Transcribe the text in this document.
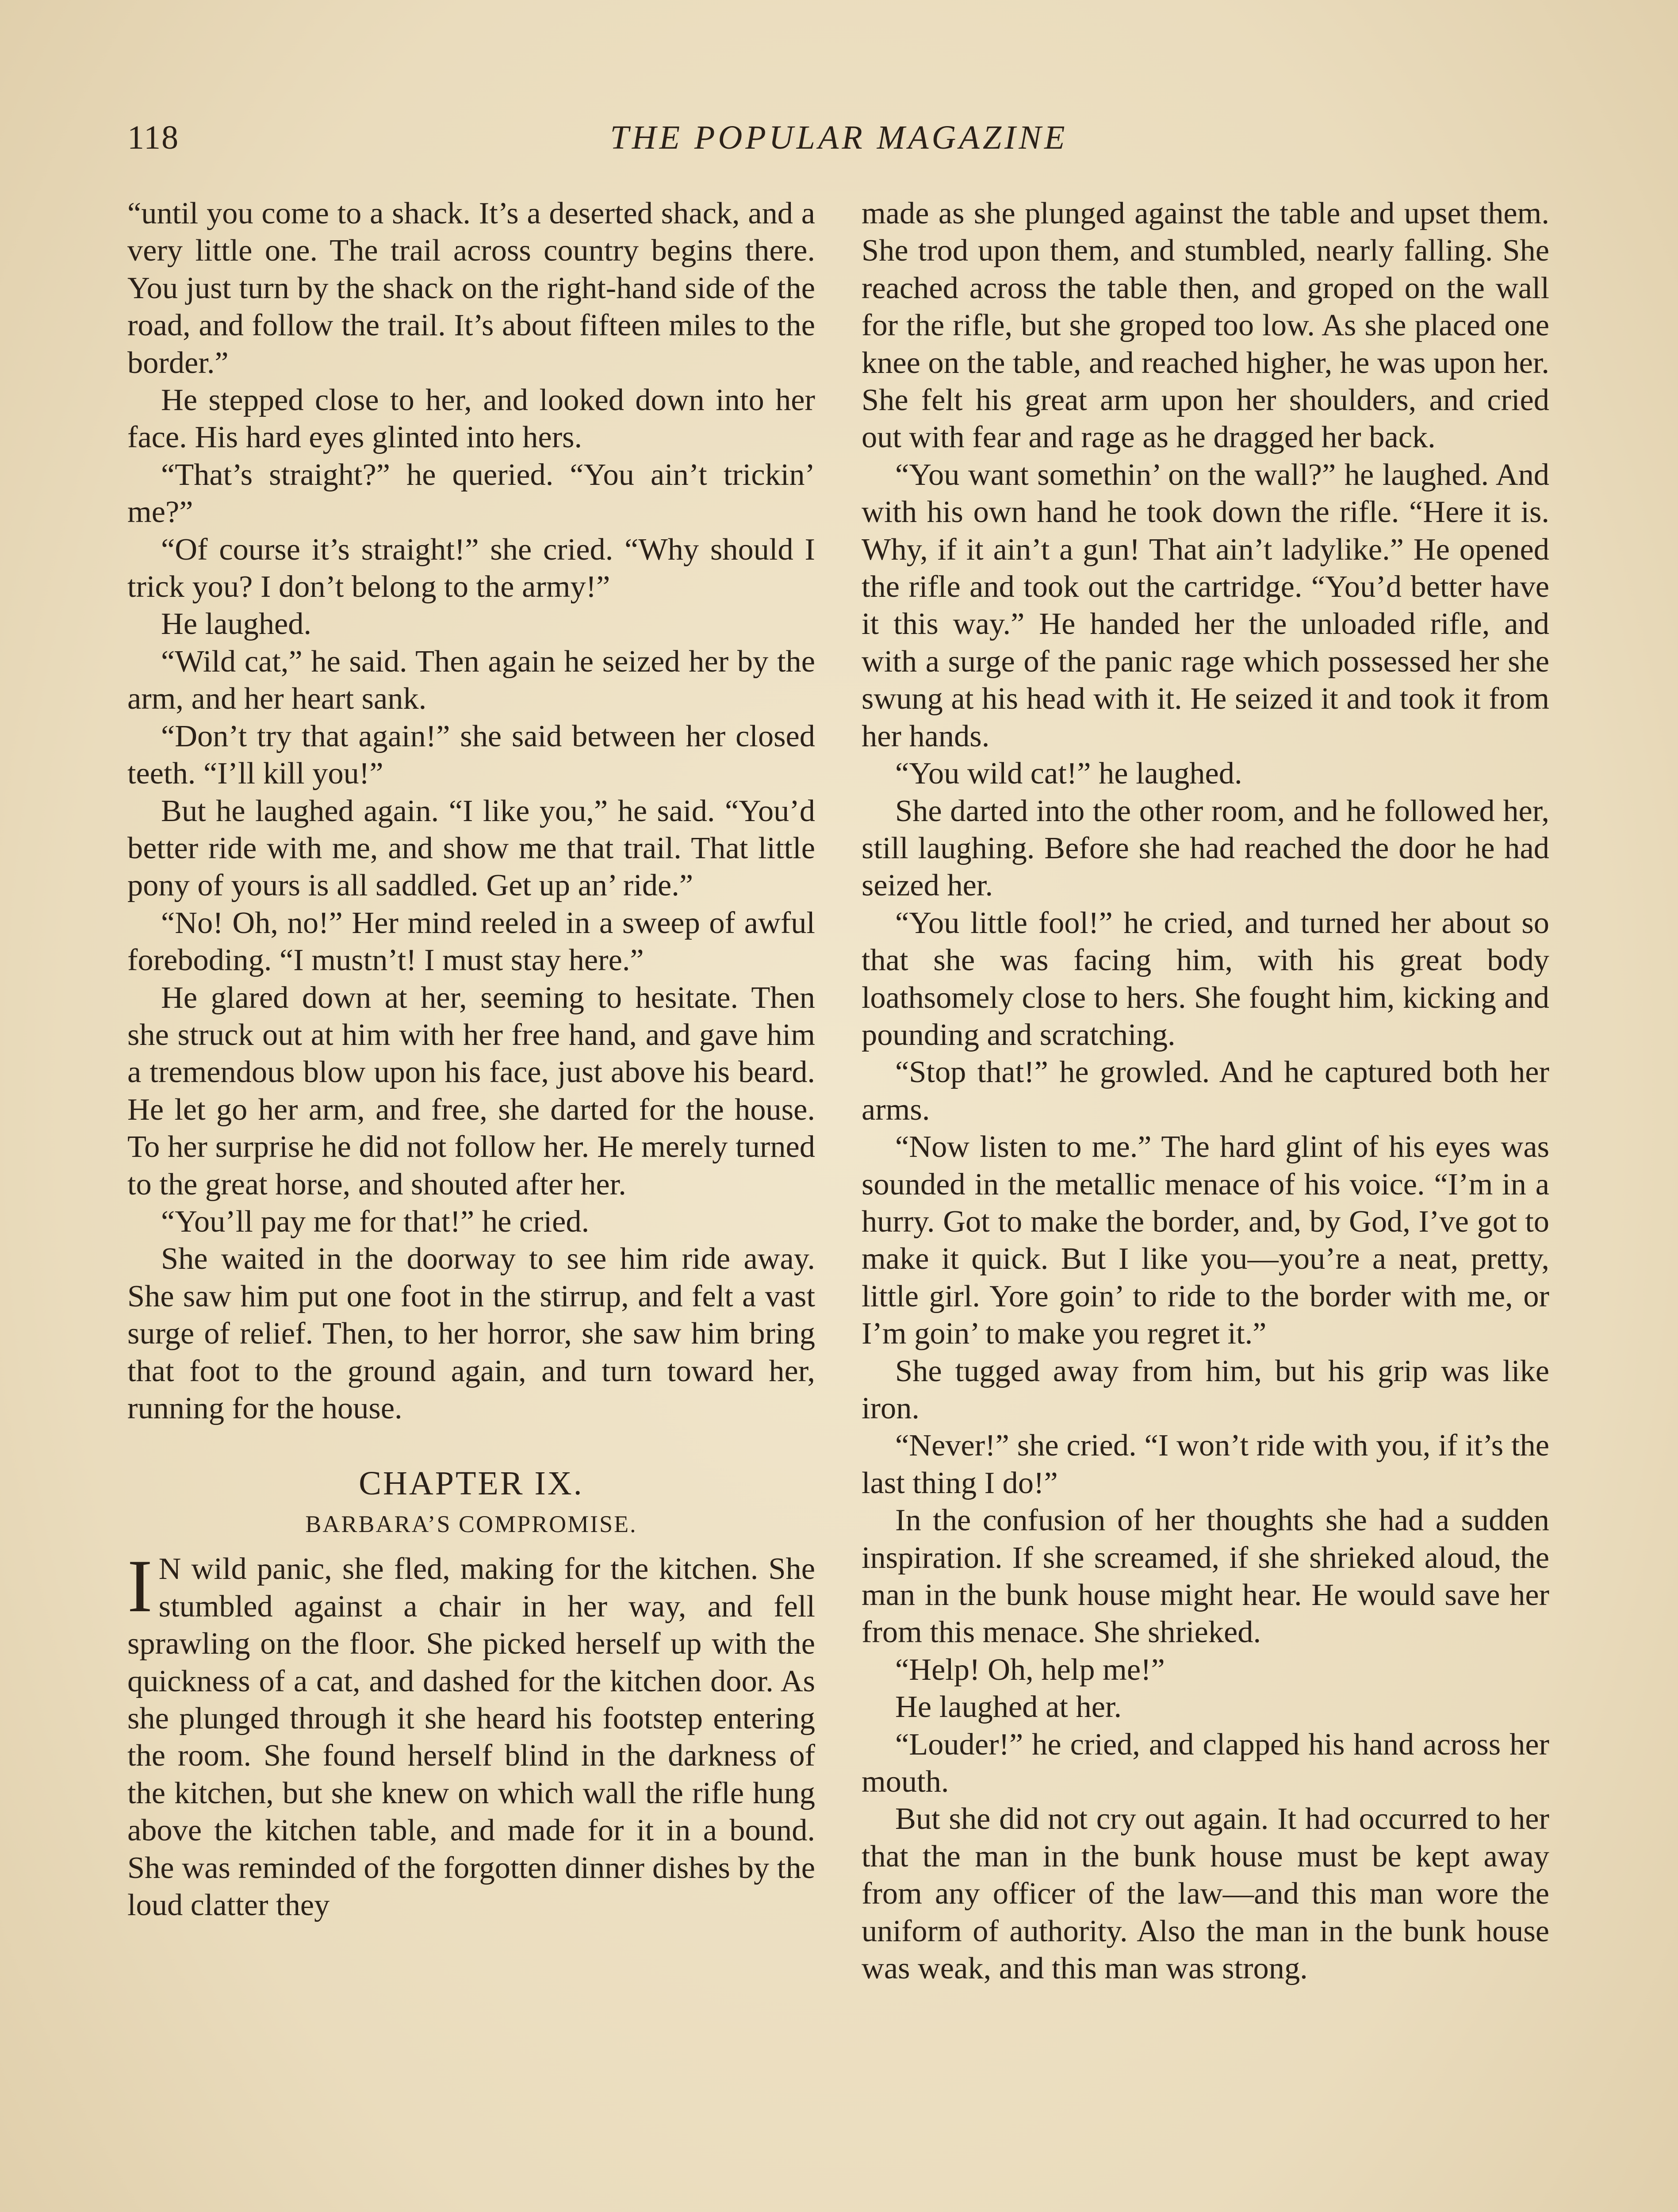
118	THE POPULAR MAGAZINE

“until you come to a shack. It’s a deserted shack, and a very little one. The trail across country begins there. You just turn by the shack on the right-hand side of the road, and follow the trail. It’s about fifteen miles to the border.”

He stepped close to her, and looked down into her face. His hard eyes glinted into hers.

“That’s straight?” he queried. “You ain’t trickin’ me?”

“Of course it’s straight!” she cried. “Why should I trick you? I don’t belong to the army!”

He laughed.

“Wild cat,” he said. Then again he seized her by the arm, and her heart sank.

“Don’t try that again!” she said between her closed teeth. “I’ll kill you!”

But he laughed again. “I like you,” he said. “You’d better ride with me, and show me that trail. That little pony of yours is all saddled. Get up an’ ride.”

“No! Oh, no!” Her mind reeled in a sweep of awful foreboding. “I mustn’t! I must stay here.”

He glared down at her, seeming to hesitate. Then she struck out at him with her free hand, and gave him a tremendous blow upon his face, just above his beard. He let go her arm, and free, she darted for the house. To her surprise he did not follow her. He merely turned to the great horse, and shouted after her.

“You’ll pay me for that!” he cried.

She waited in the doorway to see him ride away. She saw him put one foot in the stirrup, and felt a vast surge of relief. Then, to her horror, she saw him bring that foot to the ground again, and turn toward her, running for the house.

CHAPTER IX.
BARBARA’S COMPROMISE.

I N wild panic, she fled, making for the kitchen. She stumbled against a chair in her way, and fell sprawling on the floor. She picked herself up with the quickness of a cat, and dashed for the kitchen door. As she plunged through it she heard his footstep entering the room. She found herself blind in the darkness of the kitchen, but she knew on which wall the rifle hung above the kitchen table, and made for it in a bound. She was reminded of the forgotten dinner dishes by the loud clatter they

made as she plunged against the table and upset them. She trod upon them, and stumbled, nearly falling. She reached across the table then, and groped on the wall for the rifle, but she groped too low. As she placed one knee on the table, and reached higher, he was upon her. She felt his great arm upon her shoulders, and cried out with fear and rage as he dragged her back.

“You want somethin’ on the wall?” he laughed. And with his own hand he took down the rifle. “Here it is. Why, if it ain’t a gun! That ain’t ladylike.” He opened the rifle and took out the cartridge. “You’d better have it this way.” He handed her the unloaded rifle, and with a surge of the panic rage which possessed her she swung at his head with it. He seized it and took it from her hands.

“You wild cat!” he laughed.

She darted into the other room, and he followed her, still laughing. Before she had reached the door he had seized her.

“You little fool!” he cried, and turned her about so that she was facing him, with his great body loathsomely close to hers. She fought him, kicking and pounding and scratching.

“Stop that!” he growled. And he captured both her arms.

“Now listen to me.” The hard glint of his eyes was sounded in the metallic menace of his voice. “I’m in a hurry. Got to make the border, and, by God, I’ve got to make it quick. But I like you—you’re a neat, pretty, little girl. Yore goin’ to ride to the border with me, or I’m goin’ to make you regret it.”

She tugged away from him, but his grip was like iron.

“Never!” she cried. “I won’t ride with you, if it’s the last thing I do!”

In the confusion of her thoughts she had a sudden inspiration. If she screamed, if she shrieked aloud, the man in the bunk house might hear. He would save her from this menace. She shrieked.

“Help! Oh, help me!”

He laughed at her.

“Louder!” he cried, and clapped his hand across her mouth.

But she did not cry out again. It had occurred to her that the man in the bunk house must be kept away from any officer of the law—and this man wore the uniform of authority. Also the man in the bunk house was weak, and this man was strong.
